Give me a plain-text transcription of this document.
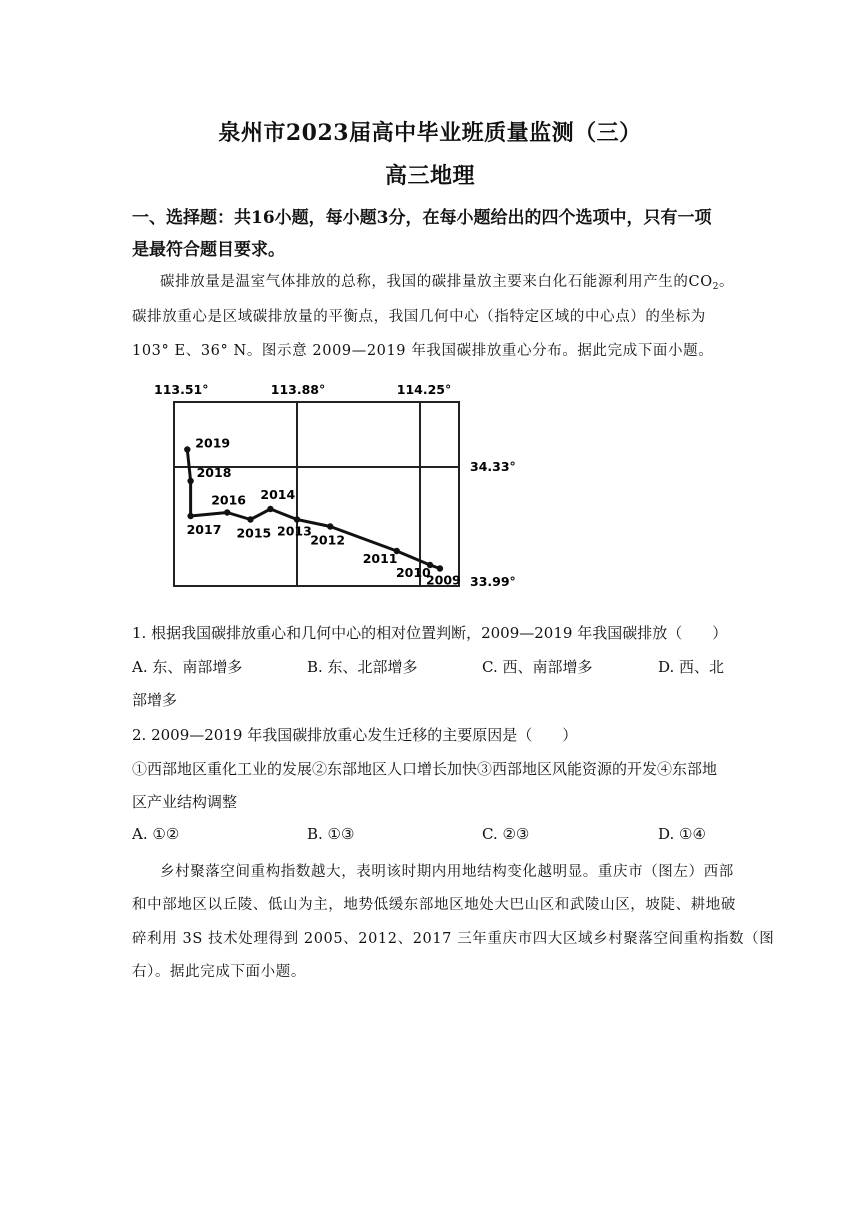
泉州市2023届高中毕业班质量监测（三）
高三地理
一、选择题：共16小题，每小题3分，在每小题给出的四个选项中，只有一项
是最符合题目要求。
碳排放量是温室气体排放的总称，我国的碳排量放主要来白化石能源利用产生的$CO_2$。
碳排放重心是区域碳排放量的平衡点，我国几何中心（指特定区域的中心点）的坐标为
103° E、36° N。图示意 2009—2019 年我国碳排放重心分布。据此完成下面小题。
113.51°	113.88°	114.25°
34.33°
33.99°
2009
2010
2011
2012
2013
2014
2015
2016
2017
2018
2019
1. 根据我国碳排放重心和几何中心的相对位置判断，2009—2019 年我国碳排放（　　）
A. 东、南部增多	B. 东、北部增多	C. 西、南部增多	D. 西、北
部增多
2. 2009—2019 年我国碳排放重心发生迁移的主要原因是（　　）
①西部地区重化工业的发展②东部地区人口增长加快③西部地区风能资源的开发④东部地
区产业结构调整
A. ①②	B. ①③	C. ②③	D. ①④
乡村聚落空间重构指数越大，表明该时期内用地结构变化越明显。重庆市（图左）西部
和中部地区以丘陵、低山为主，地势低缓东部地区地处大巴山区和武陵山区，坡陡、耕地破
碎利用 3S 技术处理得到 2005、2012、2017 三年重庆市四大区域乡村聚落空间重构指数（图
右）。据此完成下面小题。
